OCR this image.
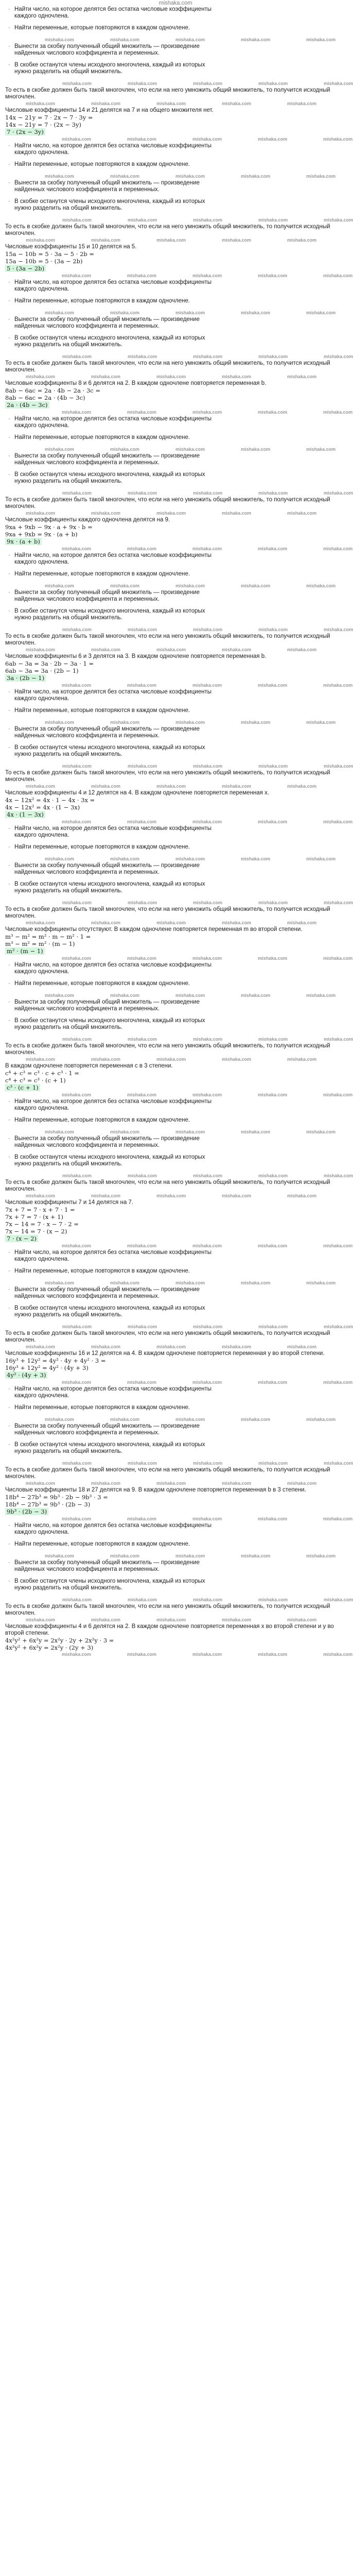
mishaka.com
· Найти число, на которое делятся без остатка числовые коэффициенты
каждого одночлена.
· Найти переменные, которые повторяются в каждом одночлене.
mishaka.com	mishaka.com	mishaka.com	mishaka.com	mishaka.com
· Вынести за скобку полученный общий множитель — произведение
найденных числового коэффициента и переменных.
· В скобке останутся члены исходного многочлена, каждый из которых
нужно разделить на общий множитель.
mishaka.com	mishaka.com	mishaka.com	mishaka.com	mishaka.com
То есть в скобке должен быть такой многочлен, что если на него умножить общий множитель, то получится исходный многочлен.
mishaka.com	mishaka.com	mishaka.com	mishaka.com	mishaka.com
Числовые коэффициенты 14 и 21 делятся на 7 и на общего множителя нет.
14x − 21y = 7 · 2x − 7 · 3y =
14x − 21y = 7 · (2x − 3y)
7 · (2x − 3y)
mishaka.com	mishaka.com	mishaka.com	mishaka.com	mishaka.com
· Найти число, на которое делятся без остатка числовые коэффициенты
каждого одночлена.
· Найти переменные, которые повторяются в каждом одночлене.
mishaka.com	mishaka.com	mishaka.com	mishaka.com	mishaka.com
· Вынести за скобку полученный общий множитель — произведение
найденных числового коэффициента и переменных.
· В скобке останутся члены исходного многочлена, каждый из которых
нужно разделить на общий множитель.
mishaka.com	mishaka.com	mishaka.com	mishaka.com	mishaka.com
То есть в скобке должен быть такой многочлен, что если на него умножить общий множитель, то получится исходный многочлен.
mishaka.com	mishaka.com	mishaka.com	mishaka.com	mishaka.com
Числовые коэффициенты 15 и 10 делятся на 5.
15a − 10b = 5 · 3a − 5 · 2b =
15a − 10b = 5 · (3a − 2b)
5 · (3a − 2b)
mishaka.com	mishaka.com	mishaka.com	mishaka.com	mishaka.com
· Найти число, на которое делятся без остатка числовые коэффициенты
каждого одночлена.
· Найти переменные, которые повторяются в каждом одночлене.
mishaka.com	mishaka.com	mishaka.com	mishaka.com	mishaka.com
· Вынести за скобку полученный общий множитель — произведение
найденных числового коэффициента и переменных.
· В скобке останутся члены исходного многочлена, каждый из которых
нужно разделить на общий множитель.
mishaka.com	mishaka.com	mishaka.com	mishaka.com	mishaka.com
То есть в скобке должен быть такой многочлен, что если на него умножить общий множитель, то получится исходный многочлен.
mishaka.com	mishaka.com	mishaka.com	mishaka.com	mishaka.com
Числовые коэффициенты 8 и 6 делятся на 2. В каждом одночлене повторяется переменная b.
8ab − 6ac = 2a · 4b − 2a · 3c =
8ab − 6ac = 2a · (4b − 3c)
2a · (4b − 3c)
mishaka.com	mishaka.com	mishaka.com	mishaka.com	mishaka.com
· Найти число, на которое делятся без остатка числовые коэффициенты
каждого одночлена.
· Найти переменные, которые повторяются в каждом одночлене.
mishaka.com	mishaka.com	mishaka.com	mishaka.com	mishaka.com
· Вынести за скобку полученный общий множитель — произведение
найденных числового коэффициента и переменных.
· В скобке останутся члены исходного многочлена, каждый из которых
нужно разделить на общий множитель.
mishaka.com	mishaka.com	mishaka.com	mishaka.com	mishaka.com
То есть в скобке должен быть такой многочлен, что если на него умножить общий множитель, то получится исходный многочлен.
mishaka.com	mishaka.com	mishaka.com	mishaka.com	mishaka.com
Числовые коэффициенты каждого одночлена делятся на 9.
9xa + 9xb − 9x · a + 9x · b =
9xa + 9xb = 9x · (a + b)
9x · (a + b)
mishaka.com	mishaka.com	mishaka.com	mishaka.com	mishaka.com
· Найти число, на которое делятся без остатка числовые коэффициенты
каждого одночлена.
· Найти переменные, которые повторяются в каждом одночлене.
mishaka.com	mishaka.com	mishaka.com	mishaka.com	mishaka.com
· Вынести за скобку полученный общий множитель — произведение
найденных числового коэффициента и переменных.
· В скобке останутся члены исходного многочлена, каждый из которых
нужно разделить на общий множитель.
mishaka.com	mishaka.com	mishaka.com	mishaka.com	mishaka.com
То есть в скобке должен быть такой многочлен, что если на него умножить общий множитель, то получится исходный многочлен.
mishaka.com	mishaka.com	mishaka.com	mishaka.com	mishaka.com
Числовые коэффициенты 6 и 3 делятся на 3. В каждом одночлене повторяется переменная b.
6ab − 3a = 3a · 2b − 3a · 1 =
6ab − 3a = 3a · (2b − 1)
3a · (2b − 1)
mishaka.com	mishaka.com	mishaka.com	mishaka.com	mishaka.com
· Найти число, на которое делятся без остатка числовые коэффициенты
каждого одночлена.
· Найти переменные, которые повторяются в каждом одночлене.
mishaka.com	mishaka.com	mishaka.com	mishaka.com	mishaka.com
· Вынести за скобку полученный общий множитель — произведение
найденных числового коэффициента и переменных.
· В скобке останутся члены исходного многочлена, каждый из которых
нужно разделить на общий множитель.
mishaka.com	mishaka.com	mishaka.com	mishaka.com	mishaka.com
То есть в скобке должен быть такой многочлен, что если на него умножить общий множитель, то получится исходный многочлен.
mishaka.com	mishaka.com	mishaka.com	mishaka.com	mishaka.com
Числовые коэффициенты 4 и 12 делятся на 4. В каждом одночлене повторяется переменная x.
4x − 12x² = 4x · 1 − 4x · 3x =
4x − 12x² = 4x · (1 − 3x)
4x · (1 − 3x)
mishaka.com	mishaka.com	mishaka.com	mishaka.com	mishaka.com
· Найти число, на которое делятся без остатка числовые коэффициенты
каждого одночлена.
· Найти переменные, которые повторяются в каждом одночлене.
mishaka.com	mishaka.com	mishaka.com	mishaka.com	mishaka.com
· Вынести за скобку полученный общий множитель — произведение
найденных числового коэффициента и переменных.
· В скобке останутся члены исходного многочлена, каждый из которых
нужно разделить на общий множитель.
mishaka.com	mishaka.com	mishaka.com	mishaka.com	mishaka.com
То есть в скобке должен быть такой многочлен, что если на него умножить общий множитель, то получится исходный многочлен.
mishaka.com	mishaka.com	mishaka.com	mishaka.com	mishaka.com
Числовые коэффициенты отсутствуют. В каждом одночлене повторяется переменная m во второй степени.
m³ − m² = m² · m − m² · 1 =
m³ − m² = m² · (m − 1)
m² · (m − 1)
mishaka.com	mishaka.com	mishaka.com	mishaka.com	mishaka.com
· Найти число, на которое делятся без остатка числовые коэффициенты
каждого одночлена.
· Найти переменные, которые повторяются в каждом одночлене.
mishaka.com	mishaka.com	mishaka.com	mishaka.com	mishaka.com
· Вынести за скобку полученный общий множитель — произведение
найденных числового коэффициента и переменных.
· В скобке останутся члены исходного многочлена, каждый из которых
нужно разделить на общий множитель.
mishaka.com	mishaka.com	mishaka.com	mishaka.com	mishaka.com
То есть в скобке должен быть такой многочлен, что если на него умножить общий множитель, то получится исходный многочлен.
mishaka.com	mishaka.com	mishaka.com	mishaka.com	mishaka.com
В каждом одночлене повторяется переменная с в 3 степени.
c⁴ + c³ = c³ · c + c³ · 1 =
c⁴ + c³ = c³ · (c + 1)
c³ · (c + 1)
mishaka.com	mishaka.com	mishaka.com	mishaka.com	mishaka.com
· Найти число, на которое делятся без остатка числовые коэффициенты
каждого одночлена.
· Найти переменные, которые повторяются в каждом одночлене.
mishaka.com	mishaka.com	mishaka.com	mishaka.com	mishaka.com
· Вынести за скобку полученный общий множитель — произведение
найденных числового коэффициента и переменных.
· В скобке останутся члены исходного многочлена, каждый из которых
нужно разделить на общий множитель.
mishaka.com	mishaka.com	mishaka.com	mishaka.com	mishaka.com
То есть в скобке должен быть такой многочлен, что если на него умножить общий множитель, то получится исходный многочлен.
mishaka.com	mishaka.com	mishaka.com	mishaka.com	mishaka.com
Числовые коэффициенты 7 и 14 делятся на 7.
7x + 7 = 7 · x + 7 · 1 =
7x + 7 = 7 · (x + 1)
7x − 14 = 7 · x − 7 · 2 =
7x − 14 = 7 · (x − 2)
7 · (x − 2)
mishaka.com	mishaka.com	mishaka.com	mishaka.com	mishaka.com
· Найти число, на которое делятся без остатка числовые коэффициенты
каждого одночлена.
· Найти переменные, которые повторяются в каждом одночлене.
mishaka.com	mishaka.com	mishaka.com	mishaka.com	mishaka.com
· Вынести за скобку полученный общий множитель — произведение
найденных числового коэффициента и переменных.
· В скобке останутся члены исходного многочлена, каждый из которых
нужно разделить на общий множитель.
mishaka.com	mishaka.com	mishaka.com	mishaka.com	mishaka.com
То есть в скобке должен быть такой многочлен, что если на него умножить общий множитель, то получится исходный многочлен.
mishaka.com	mishaka.com	mishaka.com	mishaka.com	mishaka.com
Числовые коэффициенты 16 и 12 делятся на 4. В каждом одночлене повторяется переменная у во второй степени.
16y³ + 12y² = 4y² · 4y + 4y² · 3 =
16y³ + 12y² = 4y² · (4y + 3)
4y² · (4y + 3)
mishaka.com	mishaka.com	mishaka.com	mishaka.com	mishaka.com
· Найти число, на которое делятся без остатка числовые коэффициенты
каждого одночлена.
· Найти переменные, которые повторяются в каждом одночлене.
mishaka.com	mishaka.com	mishaka.com	mishaka.com	mishaka.com
· Вынести за скобку полученный общий множитель — произведение
найденных числового коэффициента и переменных.
· В скобке останутся члены исходного многочлена, каждый из которых
нужно разделить на общий множитель.
mishaka.com	mishaka.com	mishaka.com	mishaka.com	mishaka.com
То есть в скобке должен быть такой многочлен, что если на него умножить общий множитель, то получится исходный многочлен.
mishaka.com	mishaka.com	mishaka.com	mishaka.com	mishaka.com
Числовые коэффициенты 18 и 27 делятся на 9. В каждом одночлене повторяется переменная b в 3 степени.
18b⁴ − 27b³ = 9b³ · 2b − 9b³ · 3 =
18b⁴ − 27b³ = 9b³ · (2b − 3)
9b³ · (2b − 3)
mishaka.com	mishaka.com	mishaka.com	mishaka.com	mishaka.com
· Найти число, на которое делятся без остатка числовые коэффициенты
каждого одночлена.
· Найти переменные, которые повторяются в каждом одночлене.
mishaka.com	mishaka.com	mishaka.com	mishaka.com	mishaka.com
· Вынести за скобку полученный общий множитель — произведение
найденных числового коэффициента и переменных.
· В скобке останутся члены исходного многочлена, каждый из которых
нужно разделить на общий множитель.
mishaka.com	mishaka.com	mishaka.com	mishaka.com	mishaka.com
То есть в скобке должен быть такой многочлен, что если на него умножить общий множитель, то получится исходный многочлен.
mishaka.com	mishaka.com	mishaka.com	mishaka.com	mishaka.com
Числовые коэффициенты 4 и 6 делятся на 2. В каждом одночлене повторяется переменная x во второй степени и у во второй степени.
4x²y² + 6x²y = 2x²y · 2y + 2x²y · 3 =
4x²y² + 6x²y = 2x²y · (2y + 3)
mishaka.com	mishaka.com	mishaka.com	mishaka.com	mishaka.com
